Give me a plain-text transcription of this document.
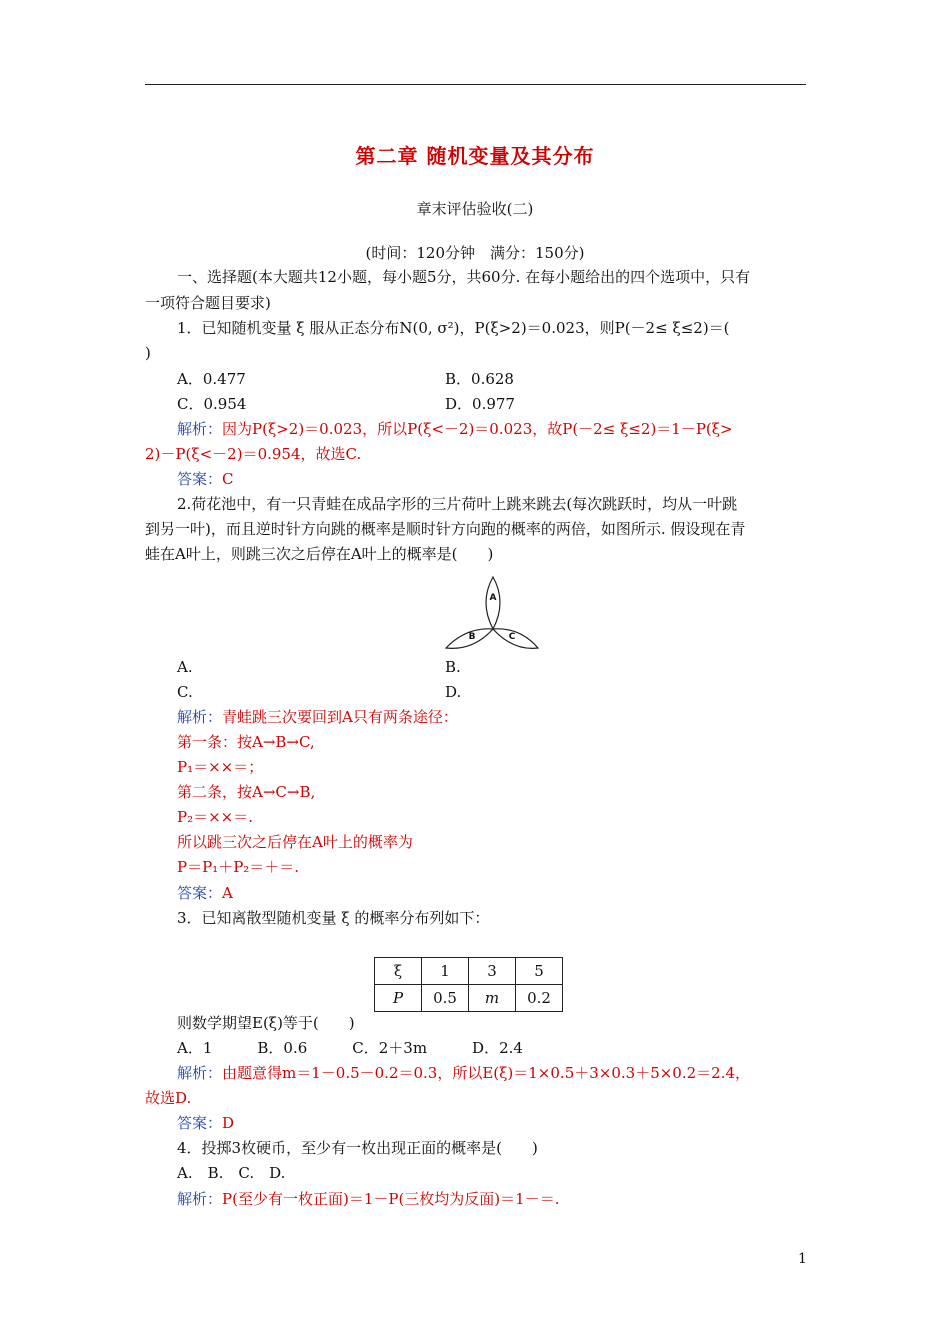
第二章 随机变量及其分布
章末评估验收(二)
(时间：120分钟　满分：150分)
一、选择题(本大题共12小题，每小题5分，共60分. 在每小题给出的四个选项中，只有
一项符合题目要求)
1．已知随机变量 ξ 服从正态分布N(0, σ²)，P(ξ>2)＝0.023，则P(－2≤ ξ≤2)＝(
)
A．0.477	B．0.628
C．0.954	D．0.977
解析：因为P(ξ>2)＝0.023，所以P(ξ<－2)＝0.023，故P(－2≤ ξ≤2)＝1－P(ξ>
2)－P(ξ<－2)＝0.954，故选C.
答案：C
2.荷花池中，有一只青蛙在成品字形的三片荷叶上跳来跳去(每次跳跃时，均从一叶跳
到另一叶)，而且逆时针方向跳的概率是顺时针方向跑的概率的两倍，如图所示. 假设现在青
蛙在A叶上，则跳三次之后停在A叶上的概率是(　　)
A
B	C
A.	B.
C.	D.
解析：青蛙跳三次要回到A只有两条途径：
第一条：按A→B→C,
P₁＝××＝；
第二条，按A→C→B,
P₂＝××＝.
所以跳三次之后停在A叶上的概率为
P＝P₁＋P₂＝＋＝.
答案：A
3．已知离散型随机变量 ξ 的概率分布列如下：
ξ	1	3	5
P	0.5	m	0.2
则数学期望E(ξ)等于(　　)
A．1　　　B．0.6　　　C．2＋3m　　　D．2.4
解析：由题意得m＝1－0.5－0.2＝0.3，所以E(ξ)＝1×0.5＋3×0.3＋5×0.2＝2.4，
故选D.
答案：D
4．投掷3枚硬币，至少有一枚出现正面的概率是(　　)
A.　B.　C.　D.
解析：P(至少有一枚正面)＝1－P(三枚均为反面)＝1－＝.
1
